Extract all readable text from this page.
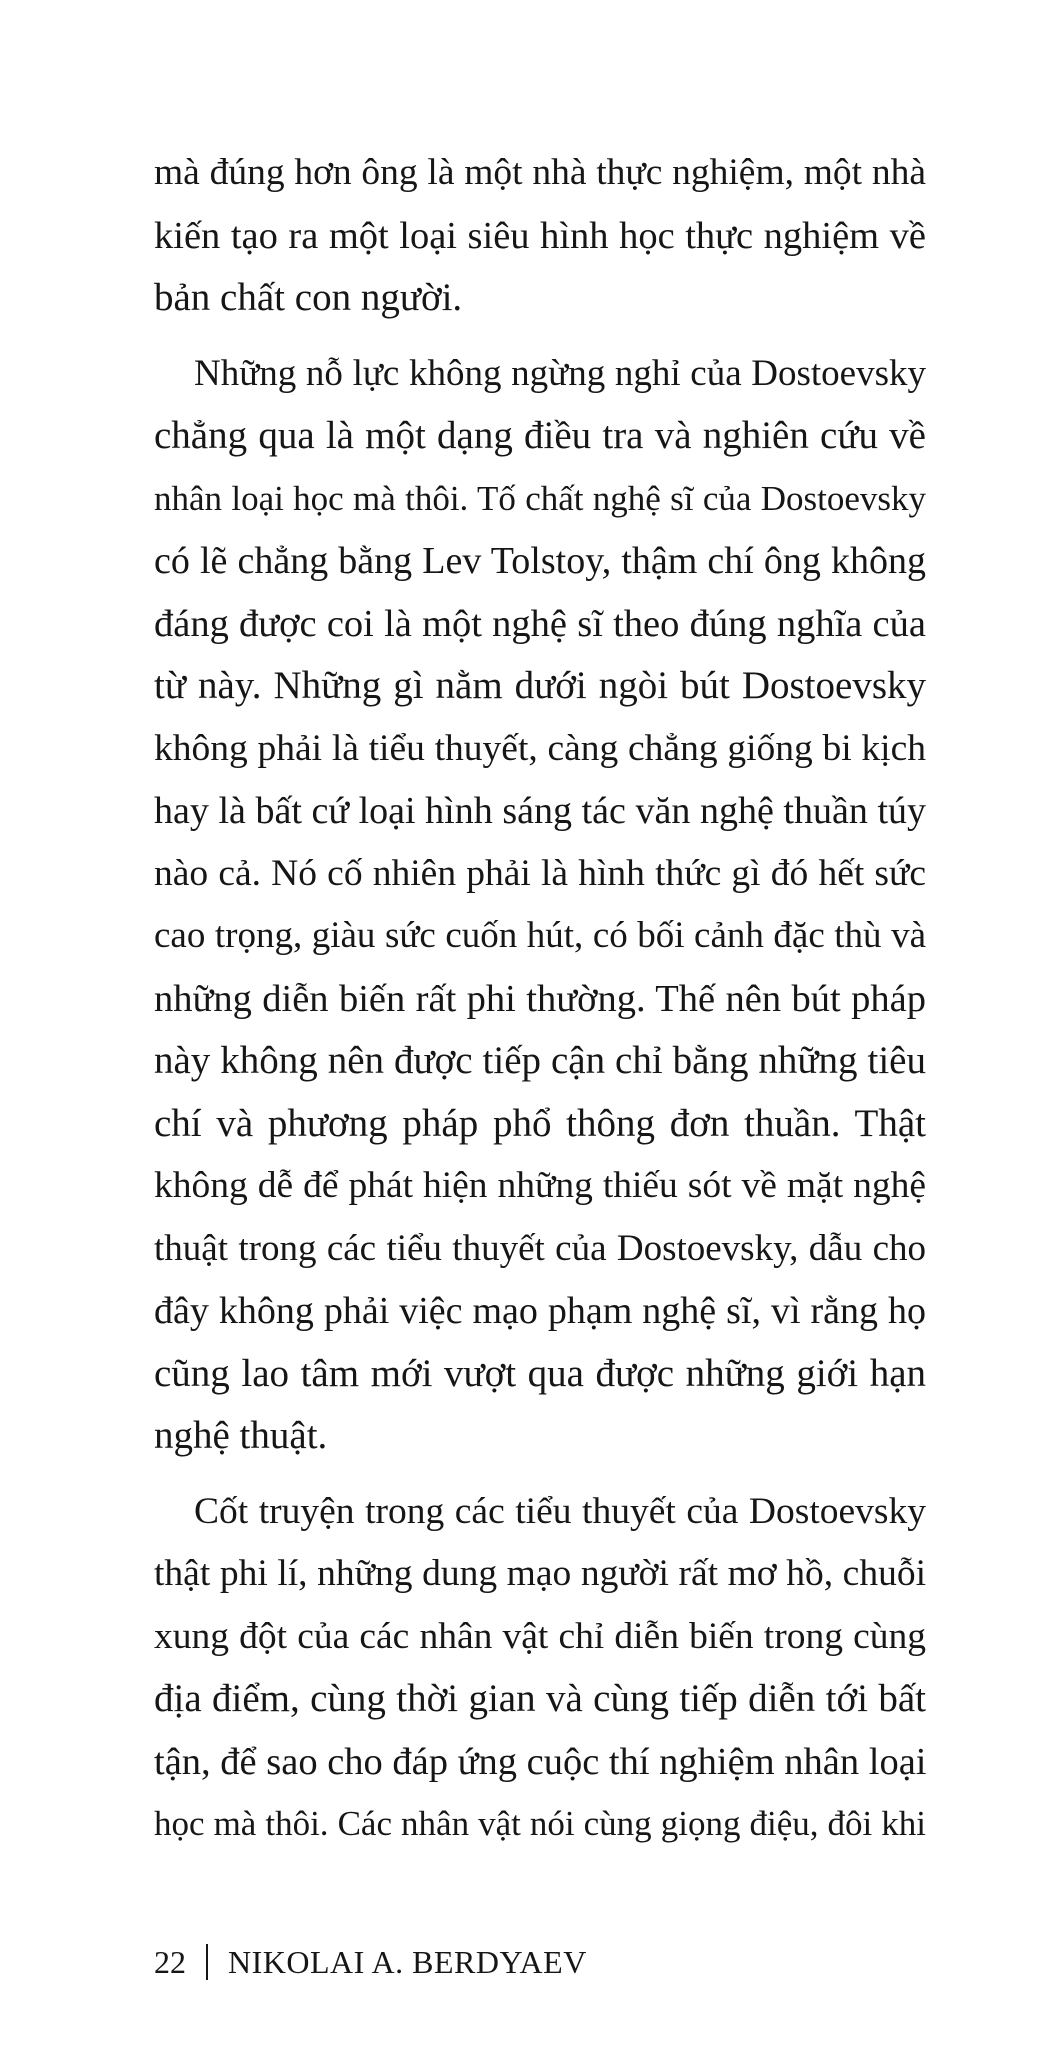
mà đúng hơn ông là một nhà thực nghiệm, một nhà
kiến tạo ra một loại siêu hình học thực nghiệm về
bản chất con người.

Những nỗ lực không ngừng nghỉ của Dostoevsky
chẳng qua là một dạng điều tra và nghiên cứu về
nhân loại học mà thôi. Tố chất nghệ sĩ của Dostoevsky
có lẽ chẳng bằng Lev Tolstoy, thậm chí ông không
đáng được coi là một nghệ sĩ theo đúng nghĩa của
từ này. Những gì nằm dưới ngòi bút Dostoevsky
không phải là tiểu thuyết, càng chẳng giống bi kịch
hay là bất cứ loại hình sáng tác văn nghệ thuần túy
nào cả. Nó cố nhiên phải là hình thức gì đó hết sức
cao trọng, giàu sức cuốn hút, có bối cảnh đặc thù và
những diễn biến rất phi thường. Thế nên bút pháp
này không nên được tiếp cận chỉ bằng những tiêu
chí và phương pháp phổ thông đơn thuần. Thật
không dễ để phát hiện những thiếu sót về mặt nghệ
thuật trong các tiểu thuyết của Dostoevsky, dẫu cho
đây không phải việc mạo phạm nghệ sĩ, vì rằng họ
cũng lao tâm mới vượt qua được những giới hạn
nghệ thuật.

Cốt truyện trong các tiểu thuyết của Dostoevsky
thật phi lí, những dung mạo người rất mơ hồ, chuỗi
xung đột của các nhân vật chỉ diễn biến trong cùng
địa điểm, cùng thời gian và cùng tiếp diễn tới bất
tận, để sao cho đáp ứng cuộc thí nghiệm nhân loại
học mà thôi. Các nhân vật nói cùng giọng điệu, đôi khi

22 NIKOLAI A. BERDYAEV
